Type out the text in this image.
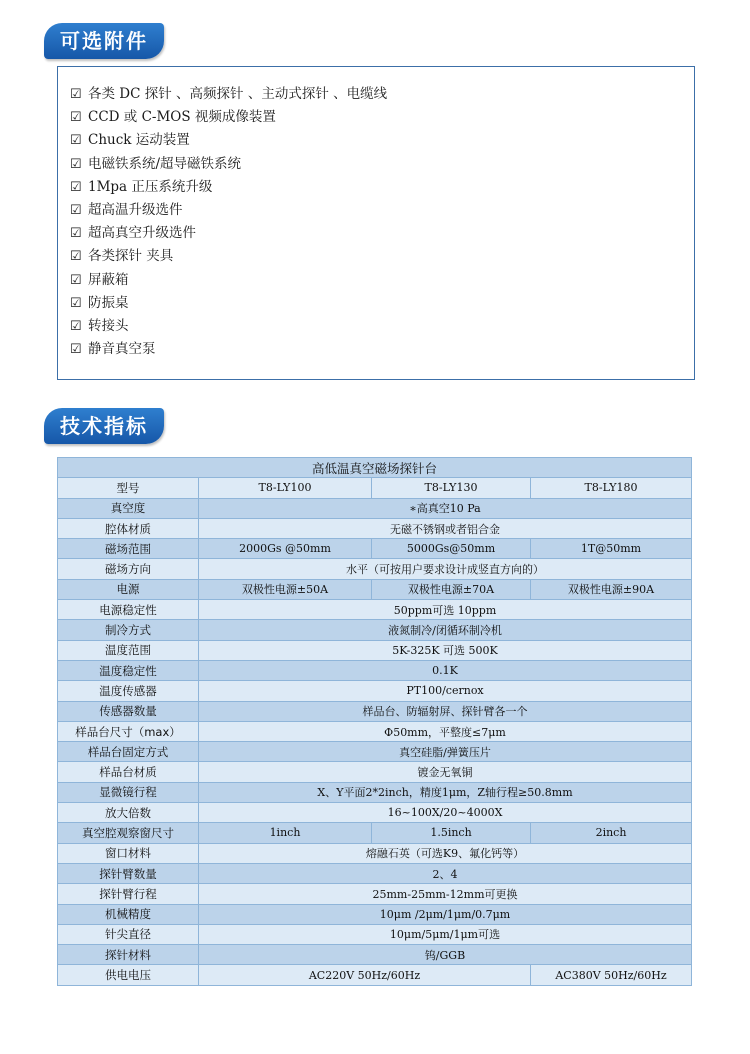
可选附件
☑ 各类 DC 探针 、高频探针 、主动式探针 、电缆线
☑ CCD 或 C-MOS 视频成像装置
☑ Chuck 运动装置
☑ 电磁铁系统/超导磁铁系统
☑ 1Mpa 正压系统升级
☑ 超高温升级选件
☑ 超高真空升级选件
☑ 各类探针 夹具
☑ 屏蔽箱
☑ 防振桌
☑ 转接头
☑ 静音真空泵
技术指标
高低温真空磁场探针台			
型号	T8-LY100	T8-LY130	T8-LY180
真空度	∗高真空10 Pa		
腔体材质	无磁不锈钢或者铝合金		
磁场范围	2000Gs @50mm	5000Gs@50mm	1T@50mm
磁场方向	水平（可按用户要求设计成竖直方向的）		
电源	双极性电源±50A	双极性电源±70A	双极性电源±90A
电源稳定性	50ppm可选 10ppm		
制冷方式	液氮制冷/闭循环制冷机		
温度范围	5K-325K 可选 500K		
温度稳定性	0.1K		
温度传感器	PT100/cernox		
传感器数量	样品台、防辐射屏、探针臂各一个		
样品台尺寸（max）	Φ50mm，平整度≤7μm		
样品台固定方式	真空硅脂/弹簧压片		
样品台材质	镀金无氧铜		
显微镜行程	X、Y平面2*2inch，精度1μm，Z轴行程≥50.8mm		
放大倍数	16~100X/20~4000X		
真空腔观察窗尺寸	1inch	1.5inch	2inch
窗口材料	熔融石英（可选K9、氟化钙等）		
探针臂数量	2、4		
探针臂行程	25mm-25mm-12mm可更换		
机械精度	10μm /2μm/1μm/0.7μm		
针尖直径	10μm/5μm/1μm可选		
探针材料	钨/GGB		
供电电压	AC220V 50Hz/60Hz		AC380V 50Hz/60Hz
